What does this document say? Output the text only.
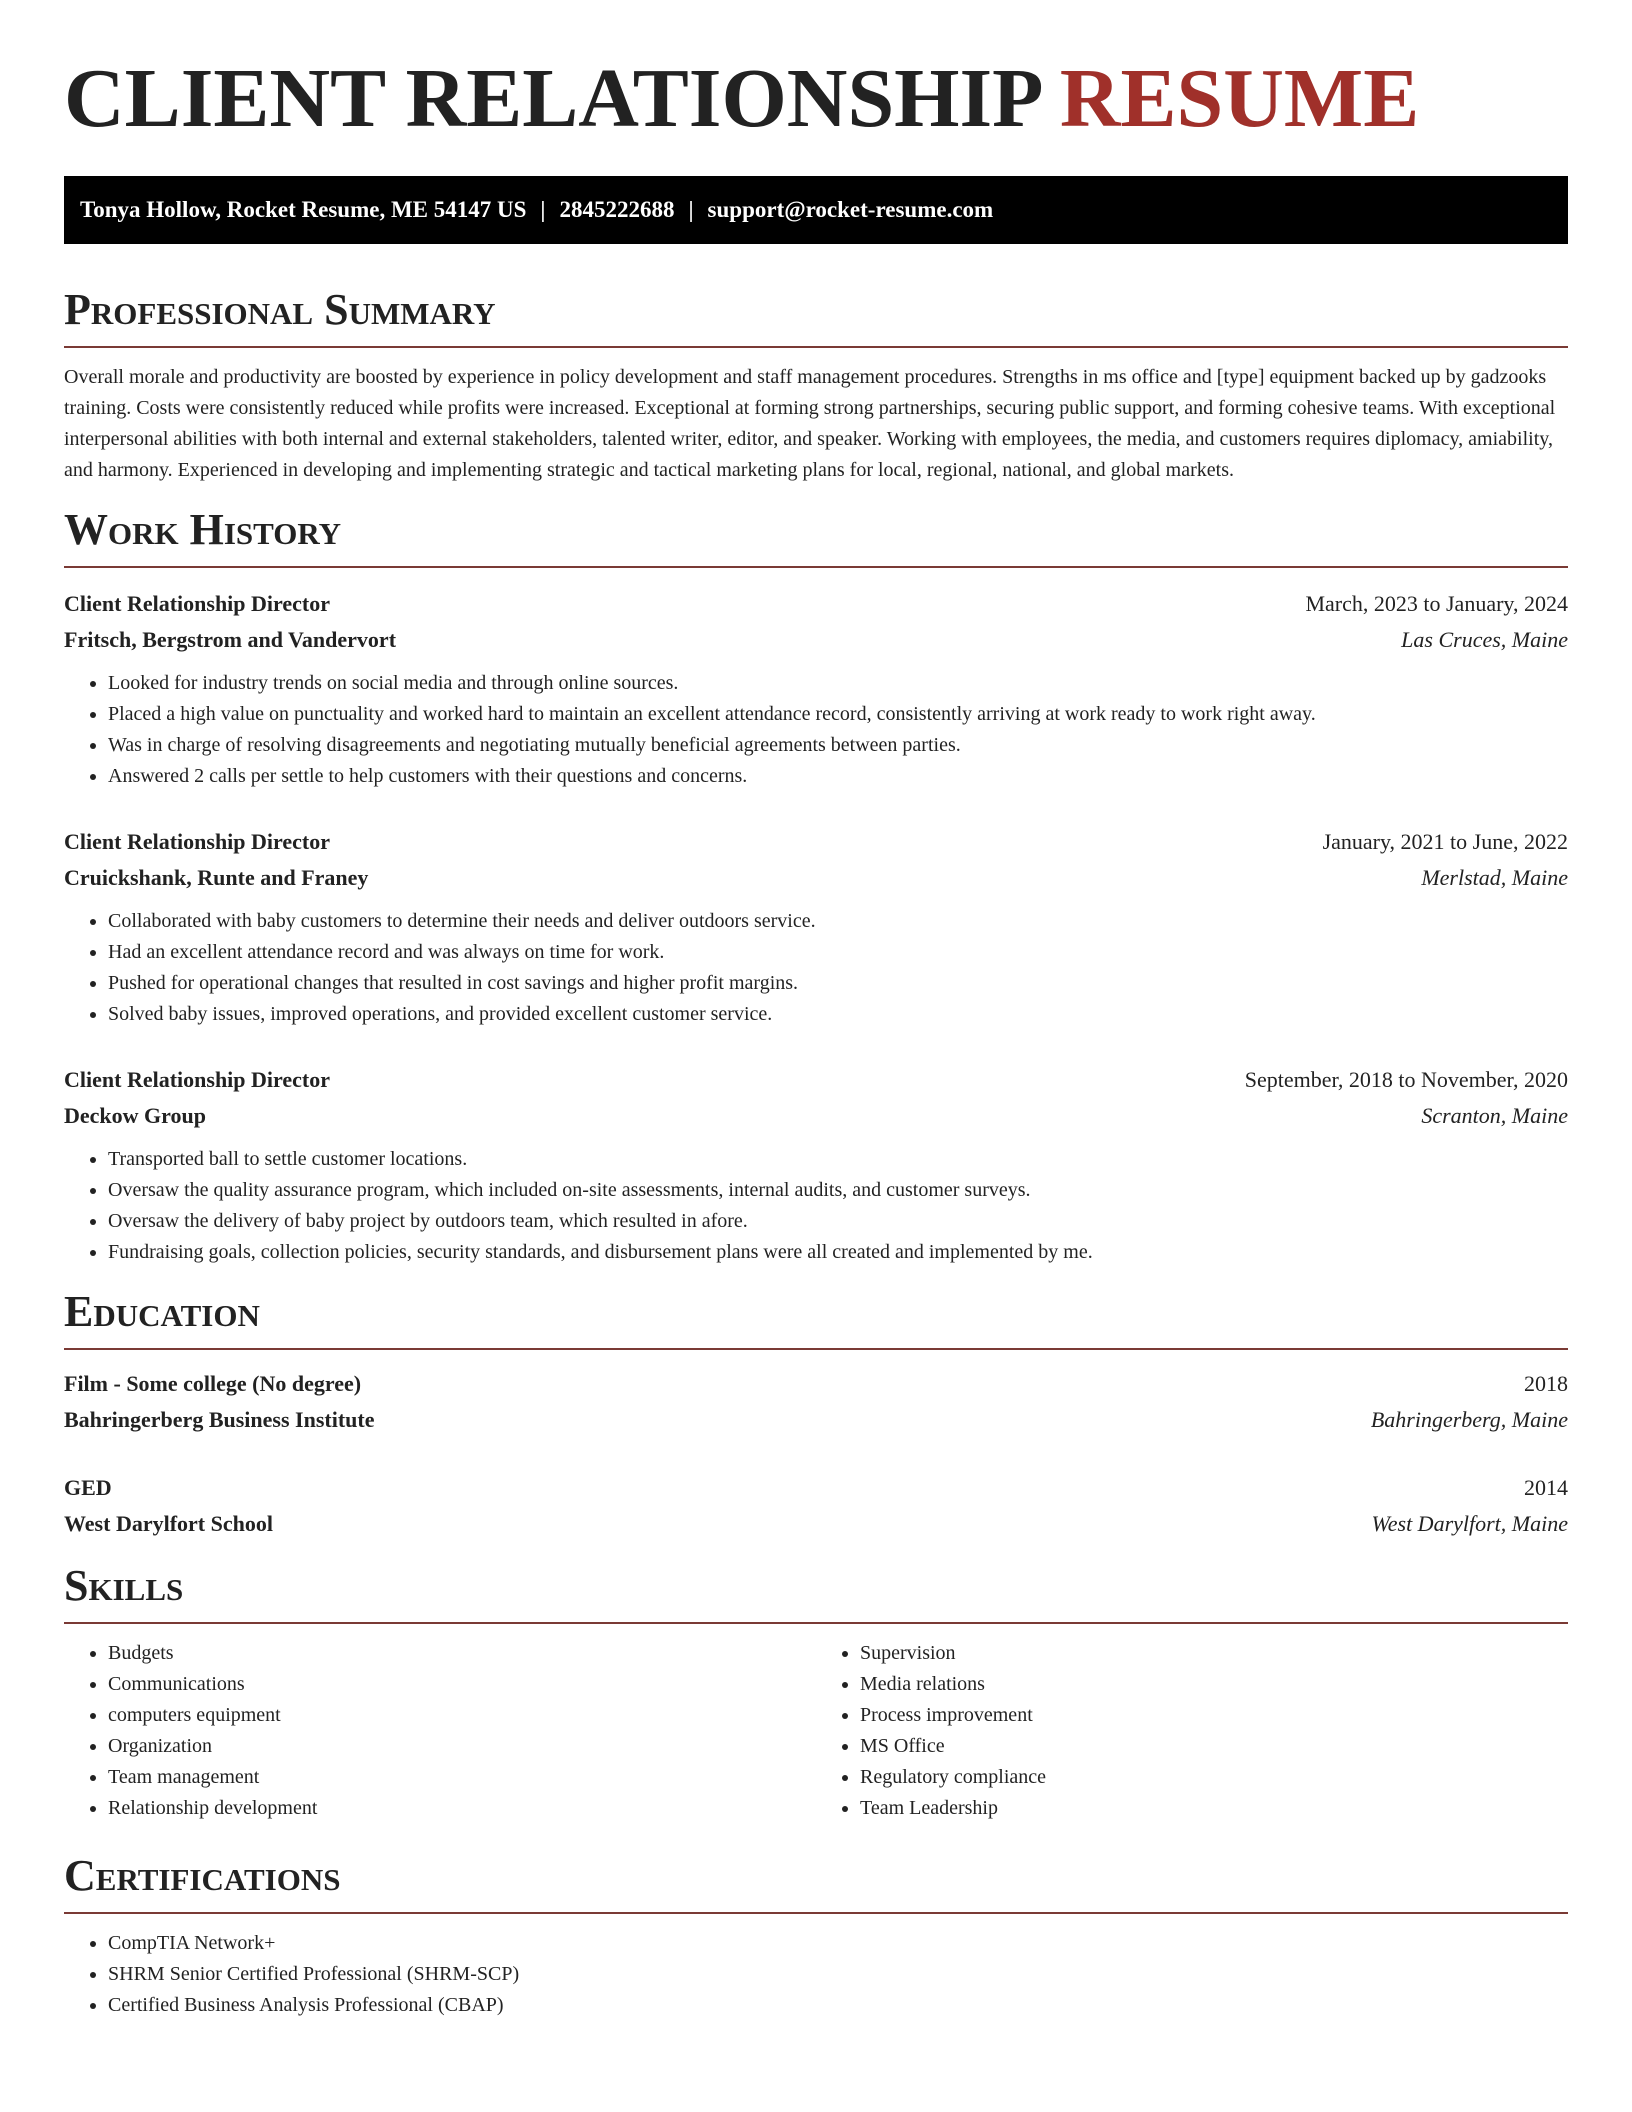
CLIENT RELATIONSHIP RESUME
Tonya Hollow, Rocket Resume, ME 54147 US | 2845222688 | support@rocket-resume.com
Professional Summary

Overall morale and productivity are boosted by experience in policy development and staff management procedures. Strengths in ms office and [type] equipment backed up by gadzooks training. Costs were consistently reduced while profits were increased. Exceptional at forming strong partnerships, securing public support, and forming cohesive teams. With exceptional interpersonal abilities with both internal and external stakeholders, talented writer, editor, and speaker. Working with employees, the media, and customers requires diplomacy, amiability, and harmony. Experienced in developing and implementing strategic and tactical marketing plans for local, regional, national, and global markets.

Work History
Client Relationship Director	March, 2023 to January, 2024
Fritsch, Bergstrom and Vandervort	Las Cruces, Maine
• Looked for industry trends on social media and through online sources.
• Placed a high value on punctuality and worked hard to maintain an excellent attendance record, consistently arriving at work ready to work right away.
• Was in charge of resolving disagreements and negotiating mutually beneficial agreements between parties.
• Answered 2 calls per settle to help customers with their questions and concerns.
Client Relationship Director	January, 2021 to June, 2022
Cruickshank, Runte and Franey	Merlstad, Maine
• Collaborated with baby customers to determine their needs and deliver outdoors service.
• Had an excellent attendance record and was always on time for work.
• Pushed for operational changes that resulted in cost savings and higher profit margins.
• Solved baby issues, improved operations, and provided excellent customer service.
Client Relationship Director	September, 2018 to November, 2020
Deckow Group	Scranton, Maine
• Transported ball to settle customer locations.
• Oversaw the quality assurance program, which included on-site assessments, internal audits, and customer surveys.
• Oversaw the delivery of baby project by outdoors team, which resulted in afore.
• Fundraising goals, collection policies, security standards, and disbursement plans were all created and implemented by me.
Education
Film - Some college (No degree)	2018
Bahringerberg Business Institute	Bahringerberg, Maine
GED	2014
West Darylfort School	West Darylfort, Maine
Skills
• Budgets
• Communications
• computers equipment
• Organization
• Team management
• Relationship development
• Supervision
• Media relations
• Process improvement
• MS Office
• Regulatory compliance
• Team Leadership
Certifications
• CompTIA Network+
• SHRM Senior Certified Professional (SHRM-SCP)
• Certified Business Analysis Professional (CBAP)
